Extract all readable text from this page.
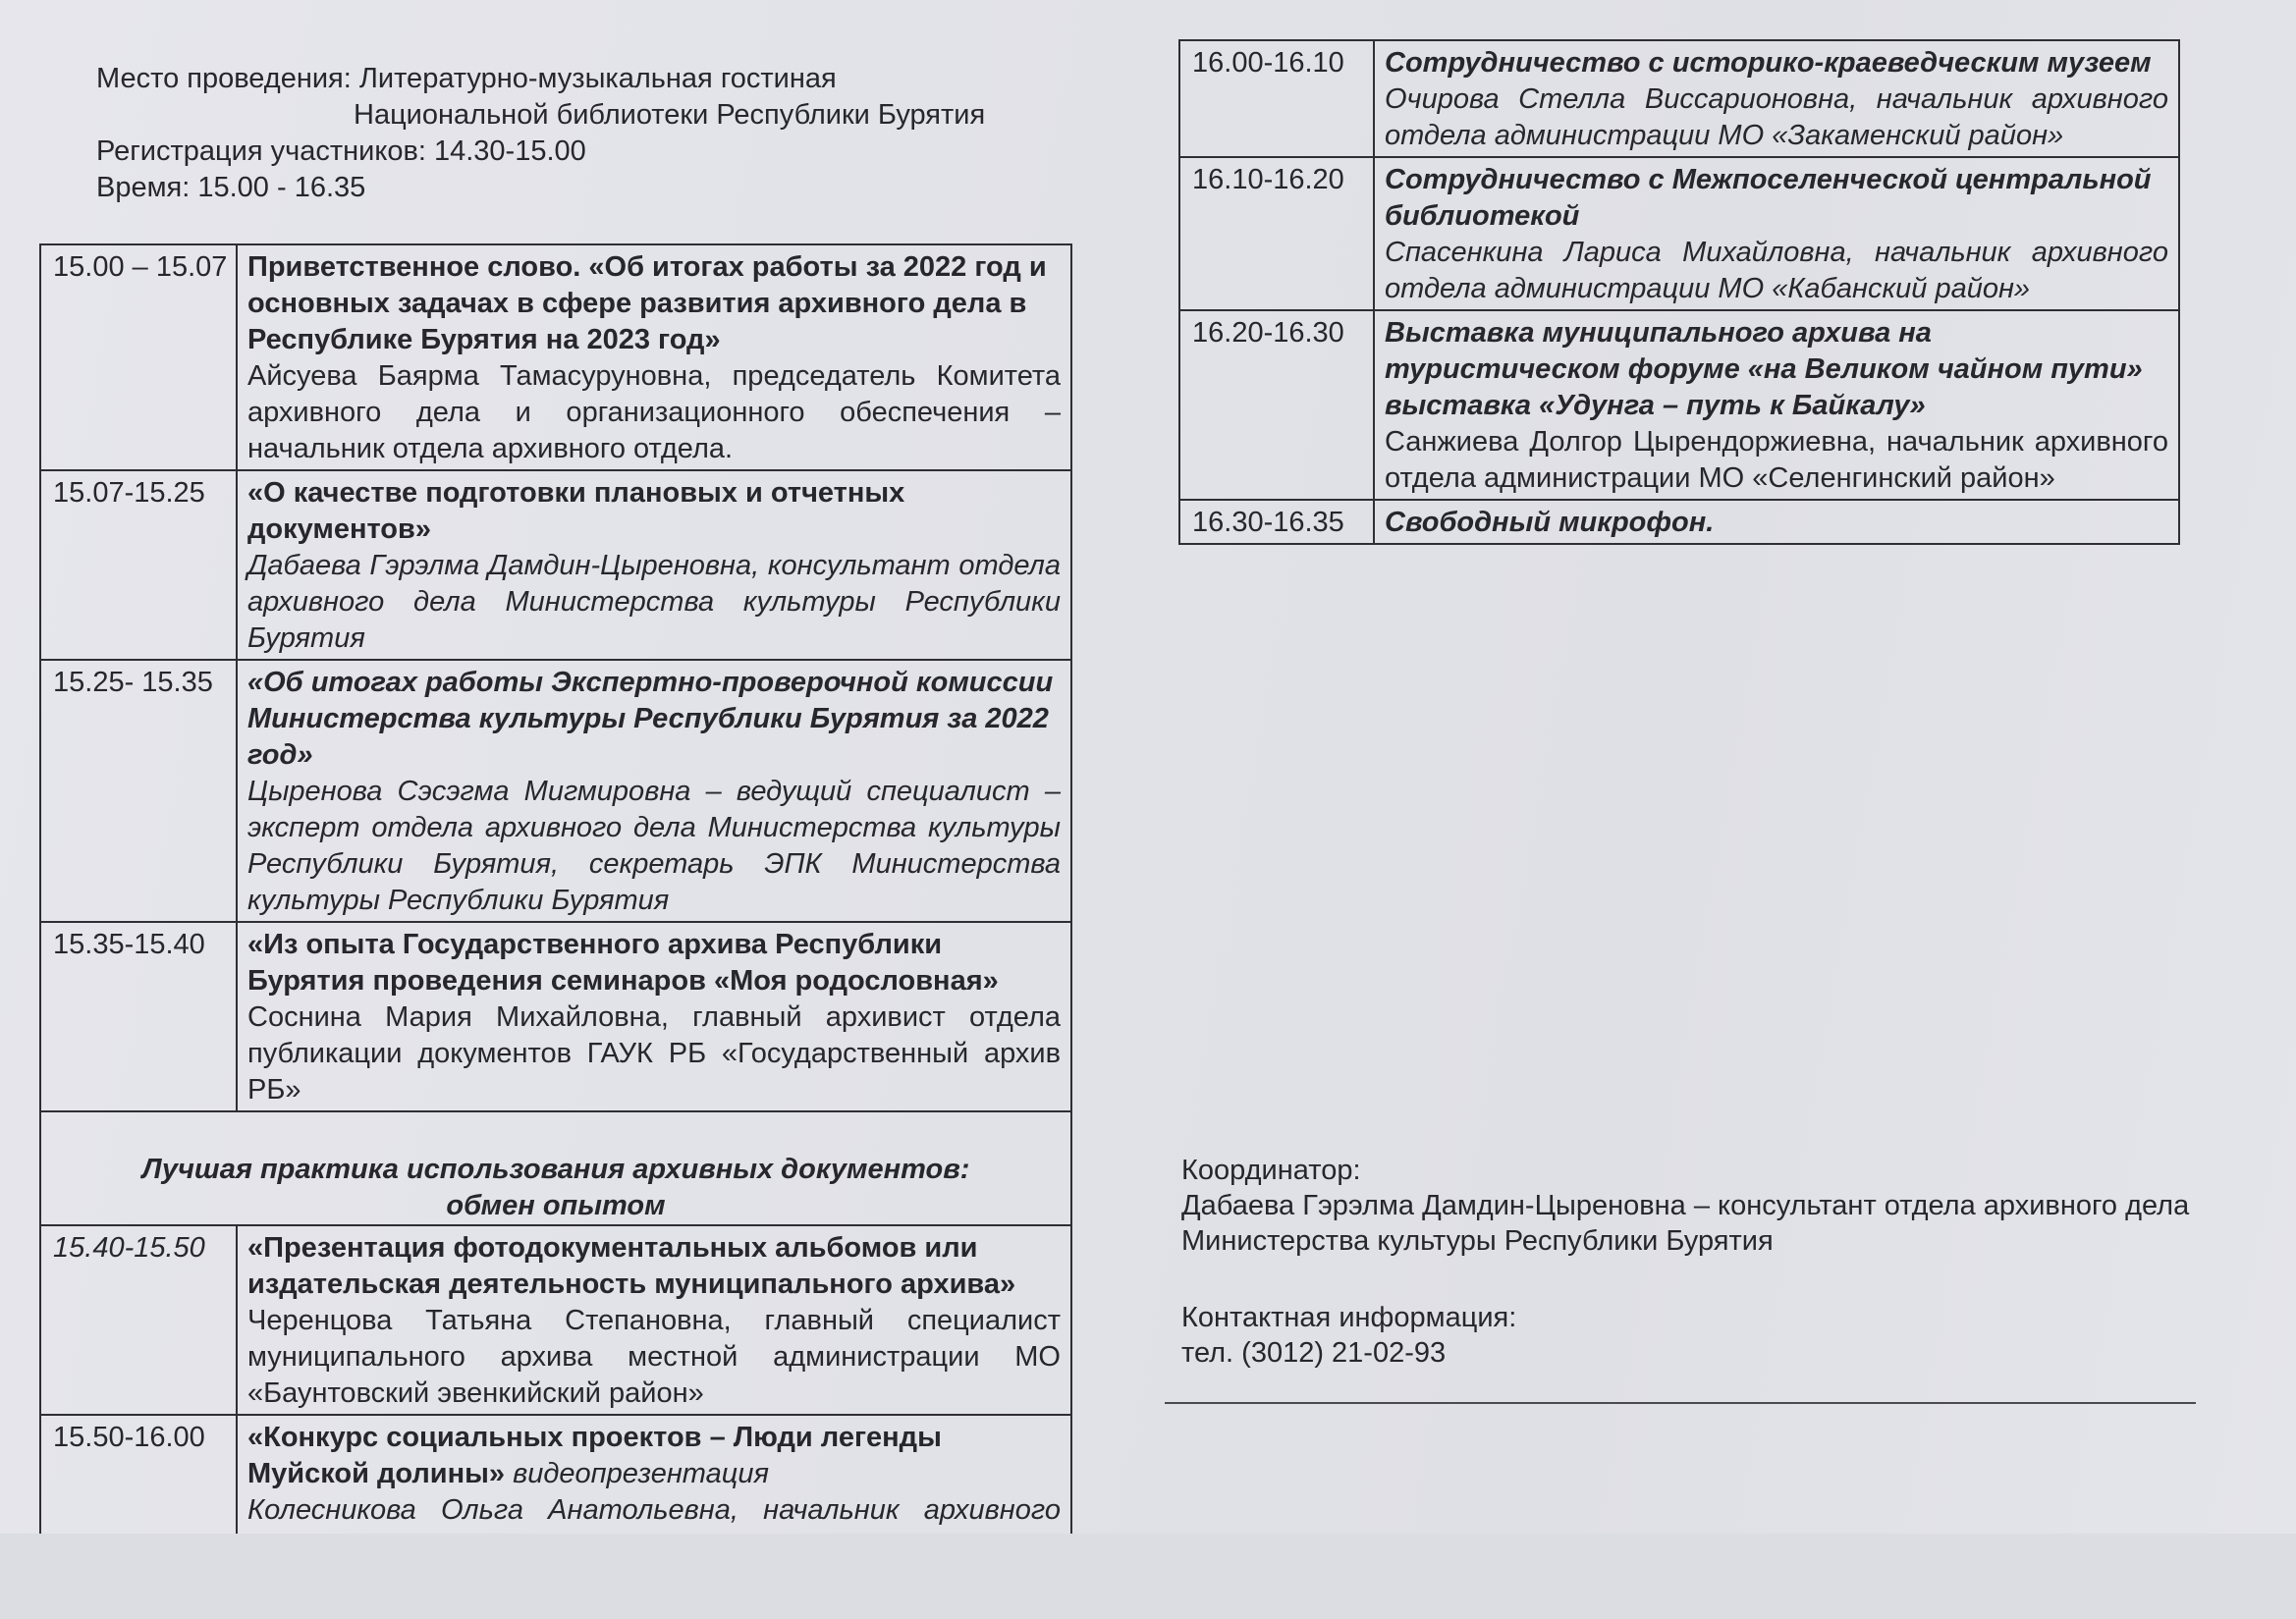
Место проведения: Литературно-музыкальная гостиная
Национальной библиотеки Республики Бурятия
Регистрация участников: 14.30-15.00
Время: 15.00 - 16.35
15.00 – 15.07	Приветственное слово. «Об итогах работы за 2022 год и основных задачах в сфере развития архивного дела в Республике Бурятия на 2023 год»
Айсуева Баярма Тамасуруновна, председатель Комитета архивного дела и организационного обеспечения – начальник отдела архивного отдела.

15.07-15.25	«О качестве подготовки плановых и отчетных документов»
Дабаева Гэрэлма Дамдин-Цыреновна, консультант отдела архивного дела Министерства культуры Республики Бурятия

15.25- 15.35	«Об итогах работы Экспертно-проверочной комиссии Министерства культуры Республики Бурятия за 2022 год»
Цыренова Сэсэгма Мигмировна – ведущий специалист – эксперт отдела архивного дела Министерства культуры Республики Бурятия, секретарь ЭПК Министерства культуры Республики Бурятия

15.35-15.40	«Из опыта Государственного архива Республики Бурятия проведения семинаров «Моя родословная»
Соснина Мария Михайловна, главный архивист отдела публикации документов ГАУК РБ «Государственный архив РБ»

Лучшая практика использования архивных документов:
обмен опытом	

15.40-15.50	«Презентация фотодокументальных альбомов или издательская деятельность муниципального архива»
Черенцова Татьяна Степановна, главный специалист муниципального архива местной администрации МО «Баунтовский эвенкийский район»

15.50-16.00	«Конкурс социальных проектов – Люди легенды Муйской долины» видеопрезентация
Колесникова Ольга Анатольевна, начальник архивного
16.00-16.10	Сотрудничество с историко-краеведческим музеем
Очирова Стелла Виссарионовна, начальник архивного отдела администрации МО «Закаменский район»

16.10-16.20	Сотрудничество с Межпоселенческой центральной библиотекой
Спасенкина Лариса Михайловна, начальник архивного отдела администрации МО «Кабанский район»

16.20-16.30	Выставка муниципального архива на туристическом форуме «на Великом чайном пути» выставка «Удунга – путь к Байкалу»
Санжиева Долгор Цырендоржиевна, начальник архивного отдела администрации МО «Селенгинский район»

16.30-16.35	Свободный микрофон.
Координатор:
Дабаева Гэрэлма Дамдин-Цыреновна – консультант отдела архивного дела Министерства культуры Республики Бурятия
Контактная информация:
тел. (3012) 21-02-93
